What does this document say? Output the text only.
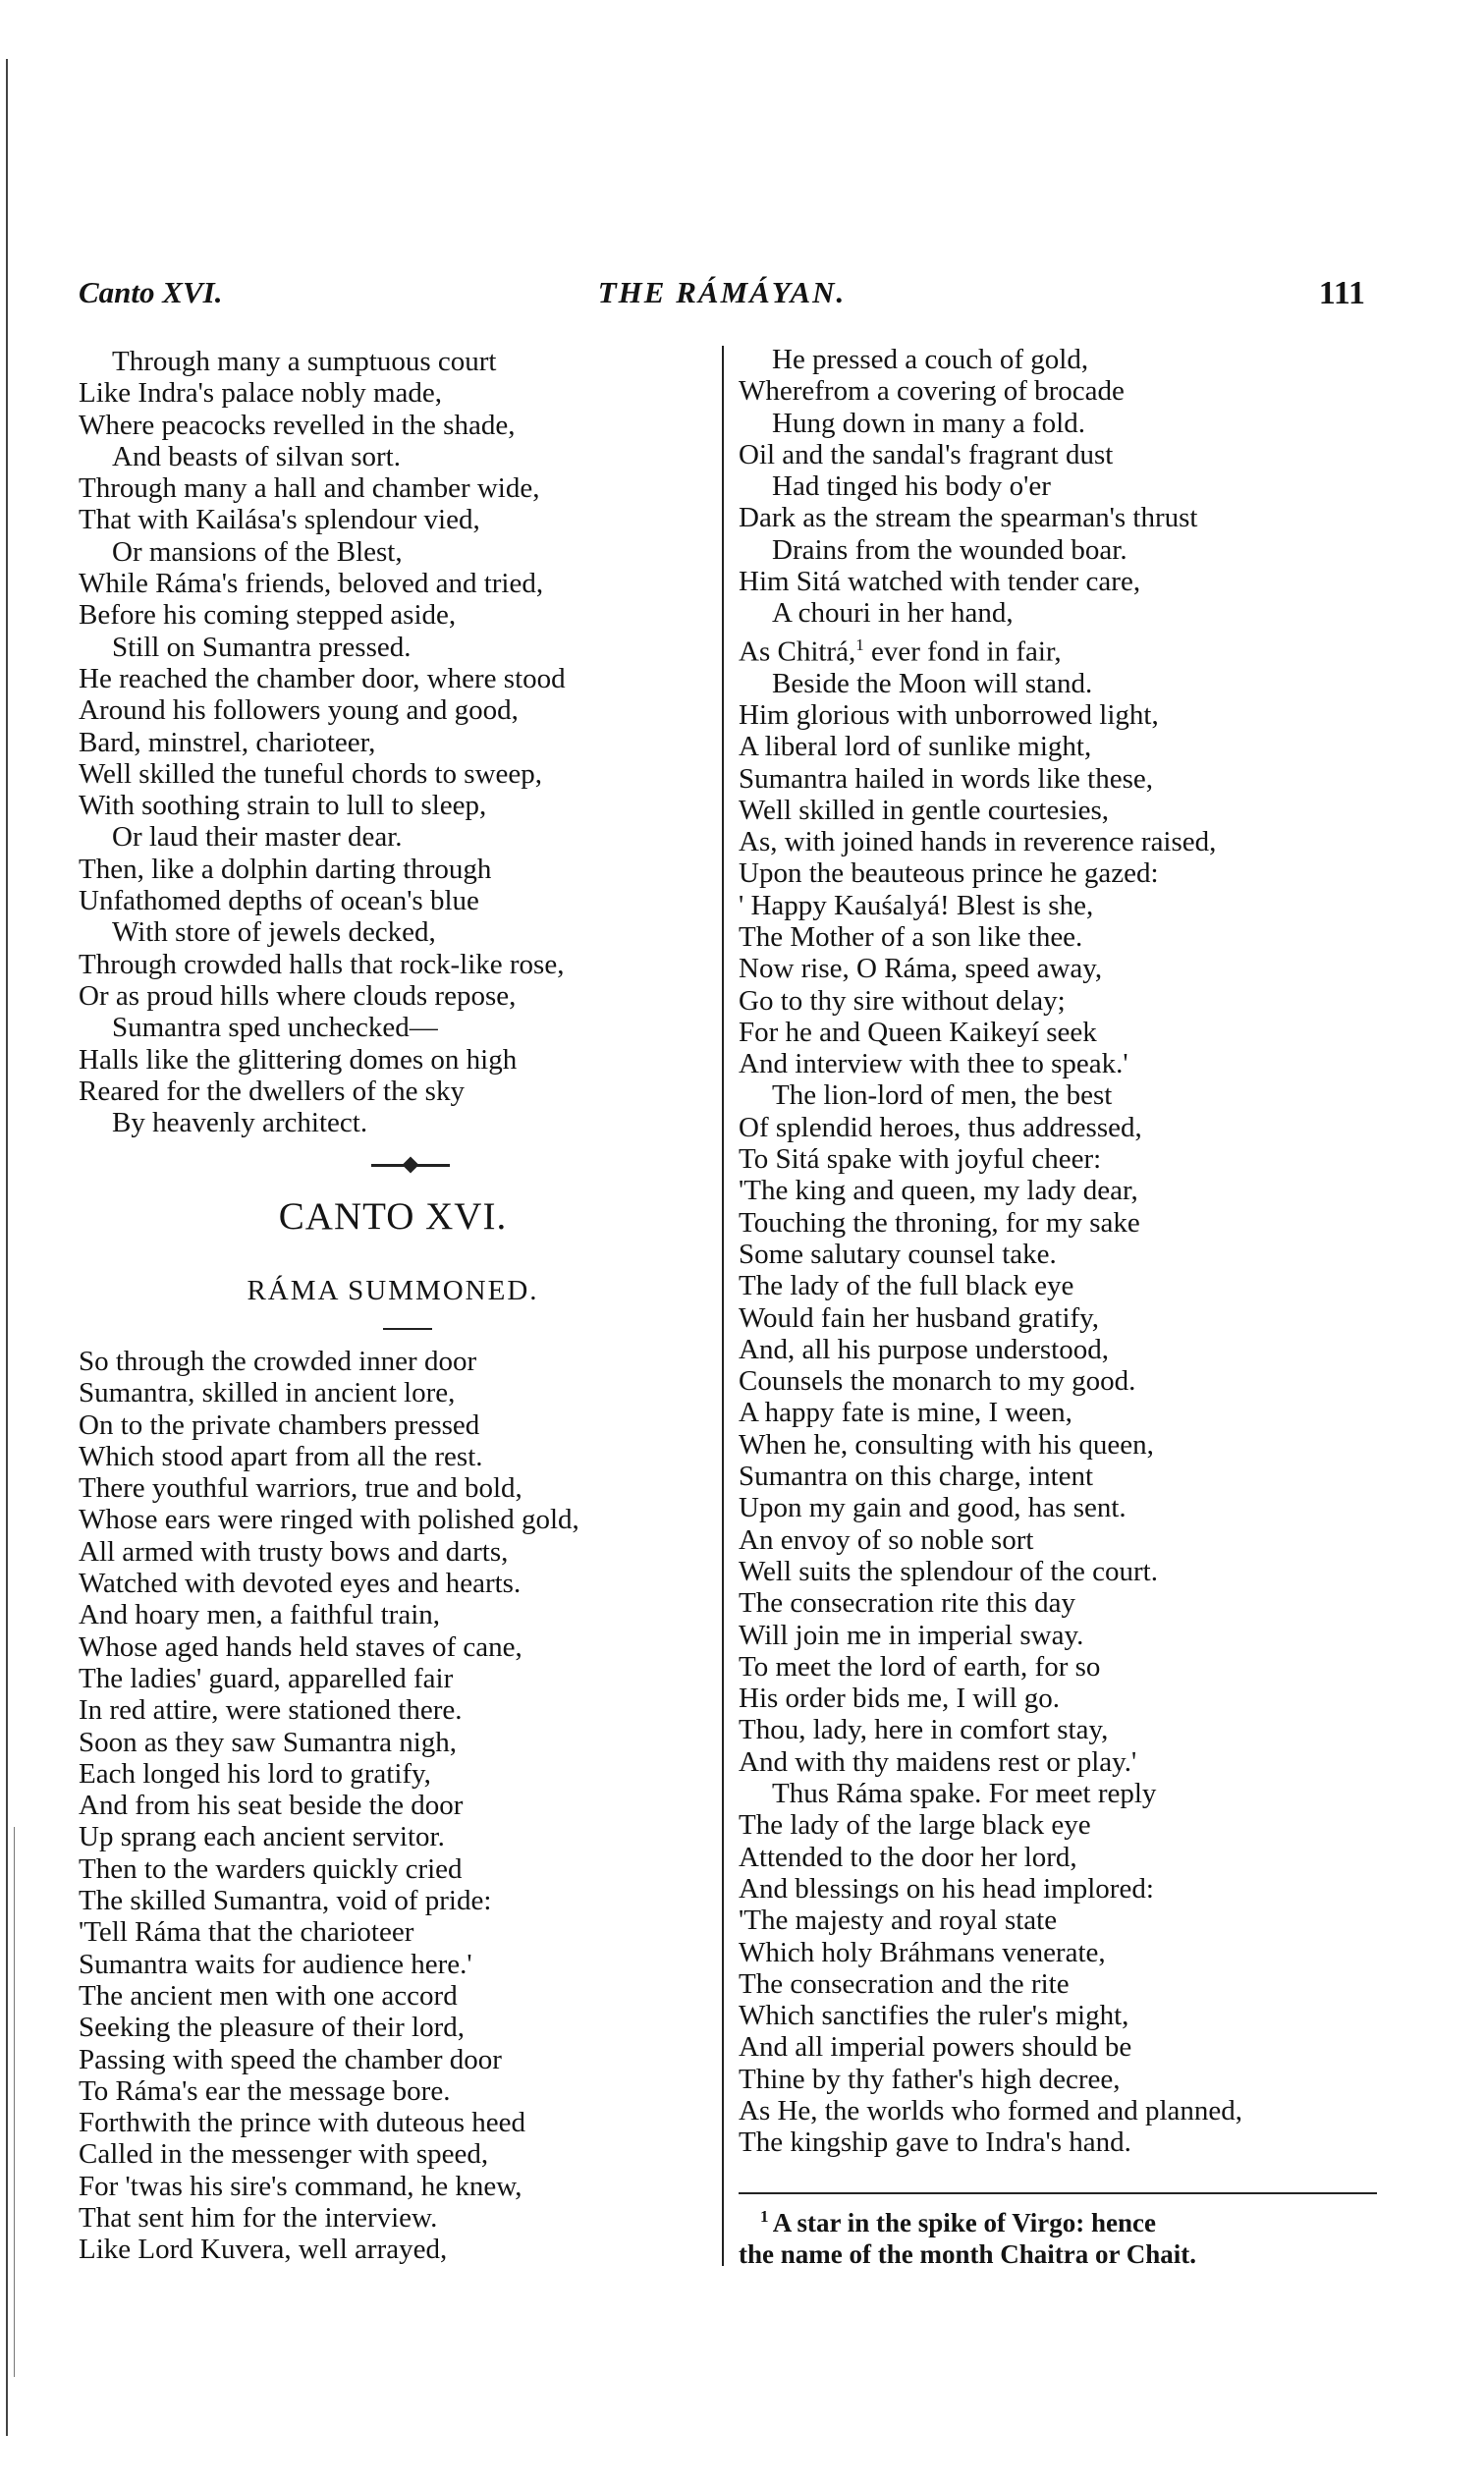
Canto XVI.	THE RÁMÁYAN.	111

Through many a sumptuous court

Like Indra's palace nobly made,

Where peacocks revelled in the shade,

And beasts of silvan sort.

Through many a hall and chamber wide,

That with Kailása's splendour vied,

Or mansions of the Blest,

While Ráma's friends, beloved and tried,

Before his coming stepped aside,

Still on Sumantra pressed.

He reached the chamber door, where stood

Around his followers young and good,

Bard, minstrel, charioteer,

Well skilled the tuneful chords to sweep,

With soothing strain to lull to sleep,

Or laud their master dear.

Then, like a dolphin darting through

Unfathomed depths of ocean's blue

With store of jewels decked,

Through crowded halls that rock-like rose,

Or as proud hills where clouds repose,

Sumantra sped unchecked—

Halls like the glittering domes on high

Reared for the dwellers of the sky

By heavenly architect.

CANTO XVI.
RÁMA SUMMONED.

So through the crowded inner door

Sumantra, skilled in ancient lore,

On to the private chambers pressed

Which stood apart from all the rest.

There youthful warriors, true and bold,

Whose ears were ringed with polished gold,

All armed with trusty bows and darts,

Watched with devoted eyes and hearts.

And hoary men, a faithful train,

Whose aged hands held staves of cane,

The ladies' guard, apparelled fair

In red attire, were stationed there.

Soon as they saw Sumantra nigh,

Each longed his lord to gratify,

And from his seat beside the door

Up sprang each ancient servitor.

Then to the warders quickly cried

The skilled Sumantra, void of pride:

'Tell Ráma that the charioteer

Sumantra waits for audience here.'

The ancient men with one accord

Seeking the pleasure of their lord,

Passing with speed the chamber door

To Ráma's ear the message bore.

Forthwith the prince with duteous heed

Called in the messenger with speed,

For 'twas his sire's command, he knew,

That sent him for the interview.

Like Lord Kuvera, well arrayed,

He pressed a couch of gold,

Wherefrom a covering of brocade

Hung down in many a fold.

Oil and the sandal's fragrant dust

Had tinged his body o'er

Dark as the stream the spearman's thrust

Drains from the wounded boar.

Him Sitá watched with tender care,

A chouri in her hand,

As Chitrá,$^1$ ever fond in fair,

Beside the Moon will stand.

Him glorious with unborrowed light,

A liberal lord of sunlike might,

Sumantra hailed in words like these,

Well skilled in gentle courtesies,

As, with joined hands in reverence raised,

Upon the beauteous prince he gazed:

' Happy Kauśalyá! Blest is she,

The Mother of a son like thee.

Now rise, O Ráma, speed away,

Go to thy sire without delay;

For he and Queen Kaikeyí seek

And interview with thee to speak.'

The lion-lord of men, the best

Of splendid heroes, thus addressed,

To Sitá spake with joyful cheer:

'The king and queen, my lady dear,

Touching the throning, for my sake

Some salutary counsel take.

The lady of the full black eye

Would fain her husband gratify,

And, all his purpose understood,

Counsels the monarch to my good.

A happy fate is mine, I ween,

When he, consulting with his queen,

Sumantra on this charge, intent

Upon my gain and good, has sent.

An envoy of so noble sort

Well suits the splendour of the court.

The consecration rite this day

Will join me in imperial sway.

To meet the lord of earth, for so

His order bids me, I will go.

Thou, lady, here in comfort stay,

And with thy maidens rest or play.'

Thus Ráma spake. For meet reply

The lady of the large black eye

Attended to the door her lord,

And blessings on his head implored:

'The majesty and royal state

Which holy Bráhmans venerate,

The consecration and the rite

Which sanctifies the ruler's might,

And all imperial powers should be

Thine by thy father's high decree,

As He, the worlds who formed and planned,

The kingship gave to Indra's hand.

$^1$ A star in the spike of Virgo: hence

the name of the month Chaitra or Chait.
